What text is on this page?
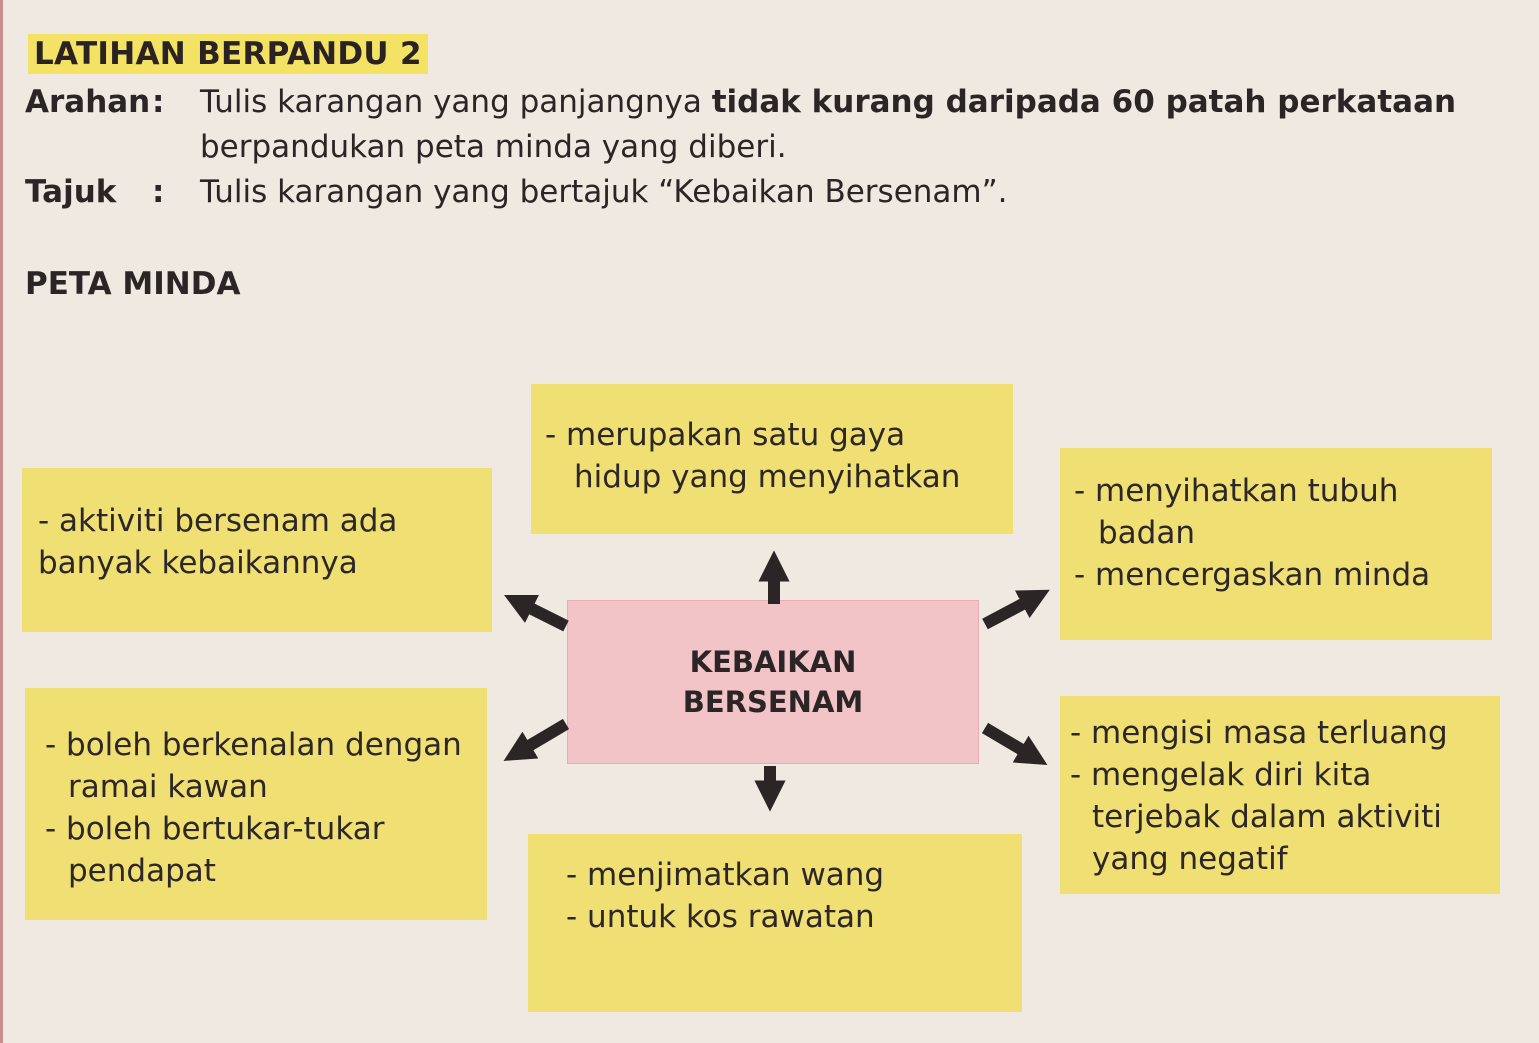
LATIHAN BERPANDU 2
Arahan : Tulis karangan yang panjangnya tidak kurang daripada 60 patah perkataan
berpandukan peta minda yang diberi.
Tajuk : Tulis karangan yang bertajuk “Kebaikan Bersenam”.
PETA MINDA
- merupakan satu gaya
hidup yang menyihatkan
- aktiviti bersenam ada
banyak kebaikannya
- menyihatkan tubuh
badan
- mencergaskan minda
KEBAIKAN
BERSENAM
- boleh berkenalan dengan
ramai kawan
- boleh bertukar-tukar
pendapat
- mengisi masa terluang
- mengelak diri kita
terjebak dalam aktiviti
yang negatif
- menjimatkan wang
- untuk kos rawatan
